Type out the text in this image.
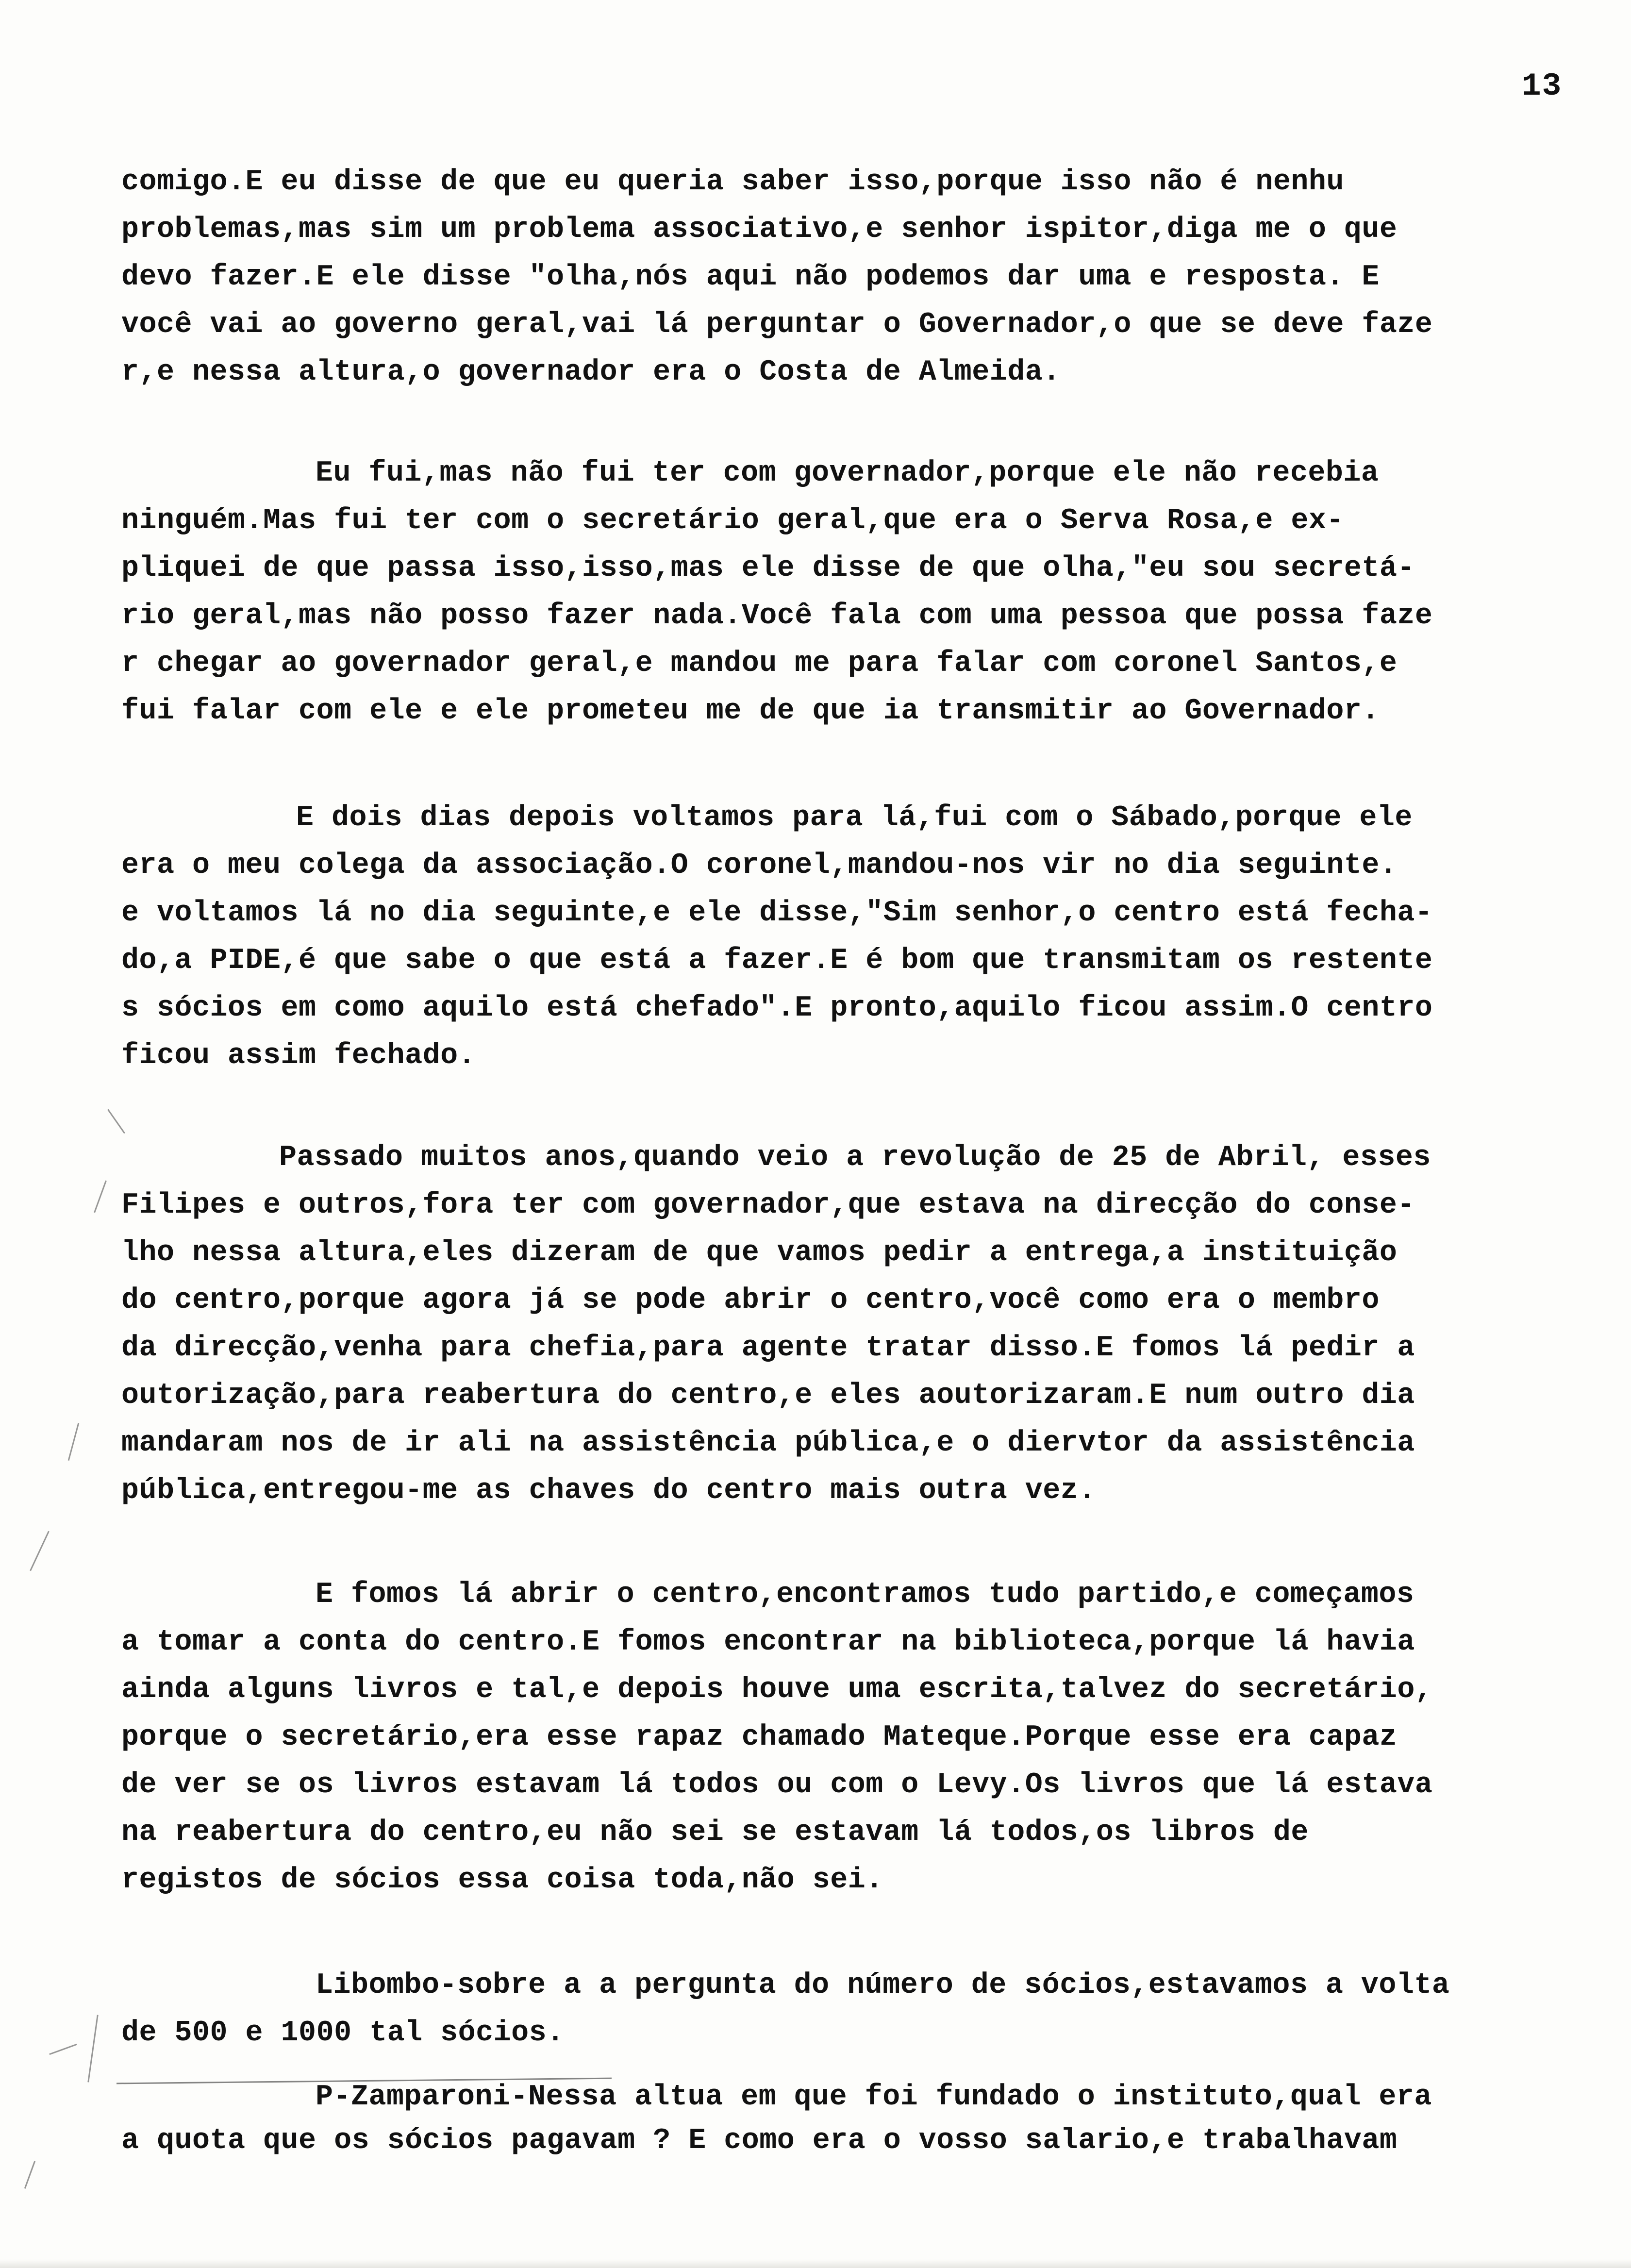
13
comigo.E eu disse de que eu queria saber isso,porque isso não é nenhu
problemas,mas sim um problema associativo,e senhor ispitor,diga me o que
devo fazer.E ele disse "olha,nós aqui não podemos dar uma e resposta. E
você vai ao governo geral,vai lá perguntar o Governador,o que se deve faze
r,e nessa altura,o governador era o Costa de Almeida.
Eu fui,mas não fui ter com governador,porque ele não recebia
ninguém.Mas fui ter com o secretário geral,que era o Serva Rosa,e ex-
pliquei de que passa isso,isso,mas ele disse de que olha,"eu sou secretá-
rio geral,mas não posso fazer nada.Você fala com uma pessoa que possa faze
r chegar ao governador geral,e mandou me para falar com coronel Santos,e
fui falar com ele e ele prometeu me de que ia transmitir ao Governador.
E dois dias depois voltamos para lá,fui com o Sábado,porque ele
era o meu colega da associação.O coronel,mandou-nos vir no dia seguinte.
e voltamos lá no dia seguinte,e ele disse,"Sim senhor,o centro está fecha-
do,a PIDE,é que sabe o que está a fazer.E é bom que transmitam os restente
s sócios em como aquilo está chefado".E pronto,aquilo ficou assim.O centro
ficou assim fechado.
Passado muitos anos,quando veio a revolução de 25 de Abril, esses
Filipes e outros,fora ter com governador,que estava na direcção do conse-
lho nessa altura,eles dizeram de que vamos pedir a entrega,a instituição
do centro,porque agora já se pode abrir o centro,você como era o membro
da direcção,venha para chefia,para agente tratar disso.E fomos lá pedir a
outorização,para reabertura do centro,e eles aoutorizaram.E num outro dia
mandaram nos de ir ali na assistência pública,e o diervtor da assistência
pública,entregou-me as chaves do centro mais outra vez.
E fomos lá abrir o centro,encontramos tudo partido,e começamos
a tomar a conta do centro.E fomos encontrar na biblioteca,porque lá havia
ainda alguns livros e tal,e depois houve uma escrita,talvez do secretário,
porque o secretário,era esse rapaz chamado Mateque.Porque esse era capaz
de ver se os livros estavam lá todos ou com o Levy.Os livros que lá estava
na reabertura do centro,eu não sei se estavam lá todos,os libros de
registos de sócios essa coisa toda,não sei.
Libombo-sobre a a pergunta do número de sócios,estavamos a volta
de 500 e 1000 tal sócios.
P-Zamparoni-Nessa altua em que foi fundado o instituto,qual era
a quota que os sócios pagavam ? E como era o vosso salario,e trabalhavam
